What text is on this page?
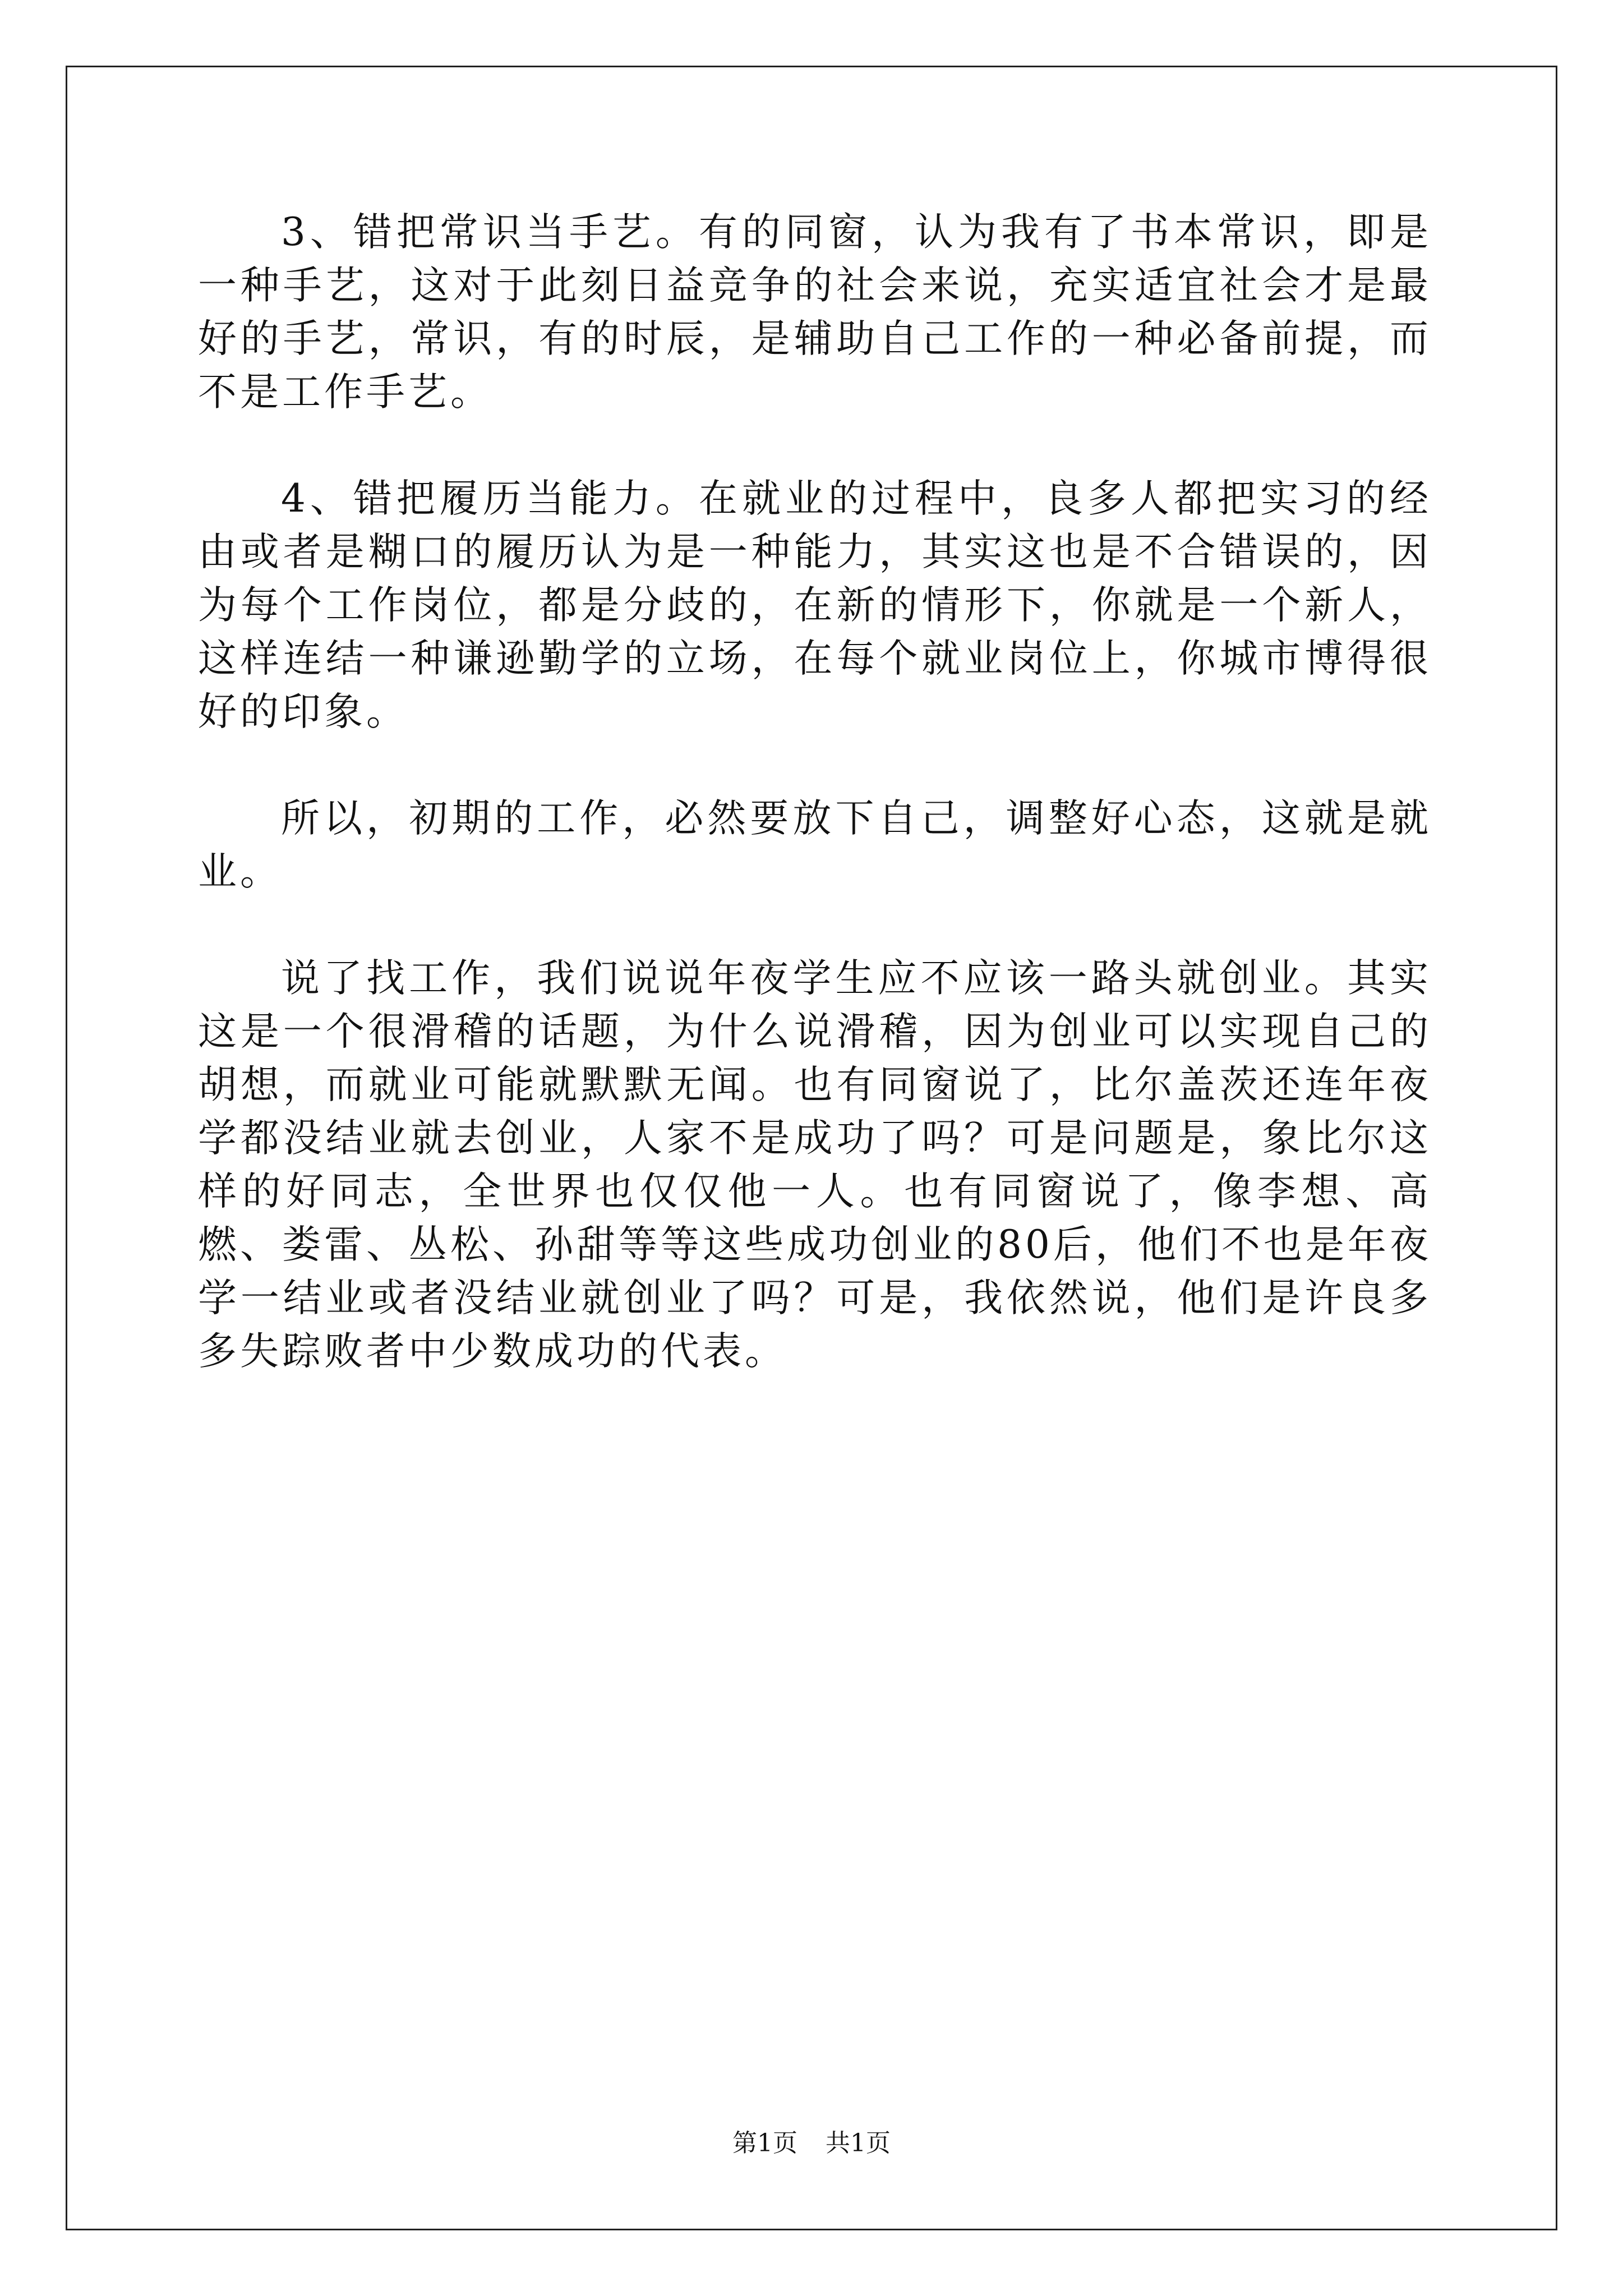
3、错把常识当手艺。有的同窗，认为我有了书本常识，即是一种手艺，这对于此刻日益竞争的社会来说，充实适宜社会才是最好的手艺，常识，有的时辰，是辅助自己工作的一种必备前提，而不是工作手艺。

4、错把履历当能力。在就业的过程中，良多人都把实习的经由或者是糊口的履历认为是一种能力，其实这也是不合错误的，因为每个工作岗位，都是分歧的，在新的情形下，你就是一个新人，这样连结一种谦逊勤学的立场，在每个就业岗位上，你城市博得很好的印象。

所以，初期的工作，必然要放下自己，调整好心态，这就是就业。

说了找工作，我们说说年夜学生应不应该一路头就创业。其实这是一个很滑稽的话题，为什么说滑稽，因为创业可以实现自己的胡想，而就业可能就默默无闻。也有同窗说了，比尔盖茨还连年夜学都没结业就去创业，人家不是成功了吗？可是问题是，象比尔这样的好同志，全世界也仅仅他一人。也有同窗说了，像李想、高燃、娄雷、丛松、孙甜等等这些成功创业的80后，他们不也是年夜学一结业或者没结业就创业了吗？可是，我依然说，他们是许良多多失踪败者中少数成功的代表。

第1页 共1页
